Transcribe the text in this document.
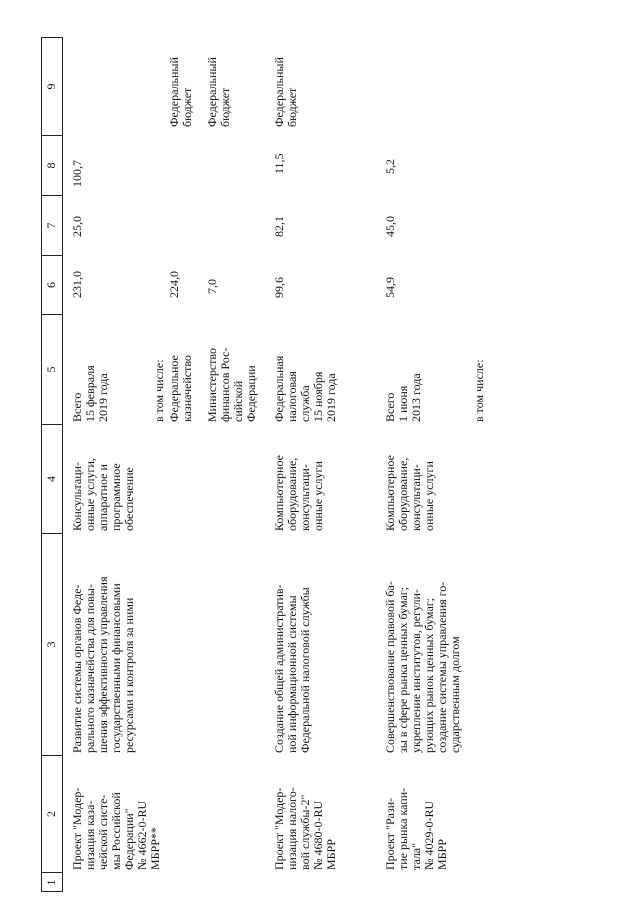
1
2
3
4
5
6
7
8
9
Проект "Модер- низация каза- чейской систе- мы Российской Федерации" № 4662-0-RU МБРР**
Развитие системы органов Феде- рального казначейства для повы- шения эффективности управления государственными финансовыми ресурсами и контроля за ними
Консультаци- онные услуги, аппаратное и программное обеспечение
Всего 15 февраля 2019 года
231,0
25,0
100,7
в том числе: Федеральное казначейство
224,0
Федеральный бюджет
Министерство финансов Рос- сийской Федерации
7,0
Федеральный бюджет
Проект "Модер- низация налого- вой службы-2" № 4680-0-RU МБРР
Создание общей административ- ной информационной системы Федеральной налоговой службы
Компьютерное оборудование, консультаци- онные услуги
Федеральная налоговая служба 15 ноября 2019 года
99,6
82,1
11,5
Федеральный бюджет
Проект "Рази- тие рынка капи- тала" № 4029-0-RU МБРР
Совершенствование правовой ба- зы в сфере рынка ценных бумаг; укрепление институтов, регули- рующих рынок ценных бумаг; создание системы управления го- сударственным долгом
Компьютерное оборудование, консультаци- онные услуги
Всего 1 июня 2013 года
54,9
45,0
5,2
в том числе:
